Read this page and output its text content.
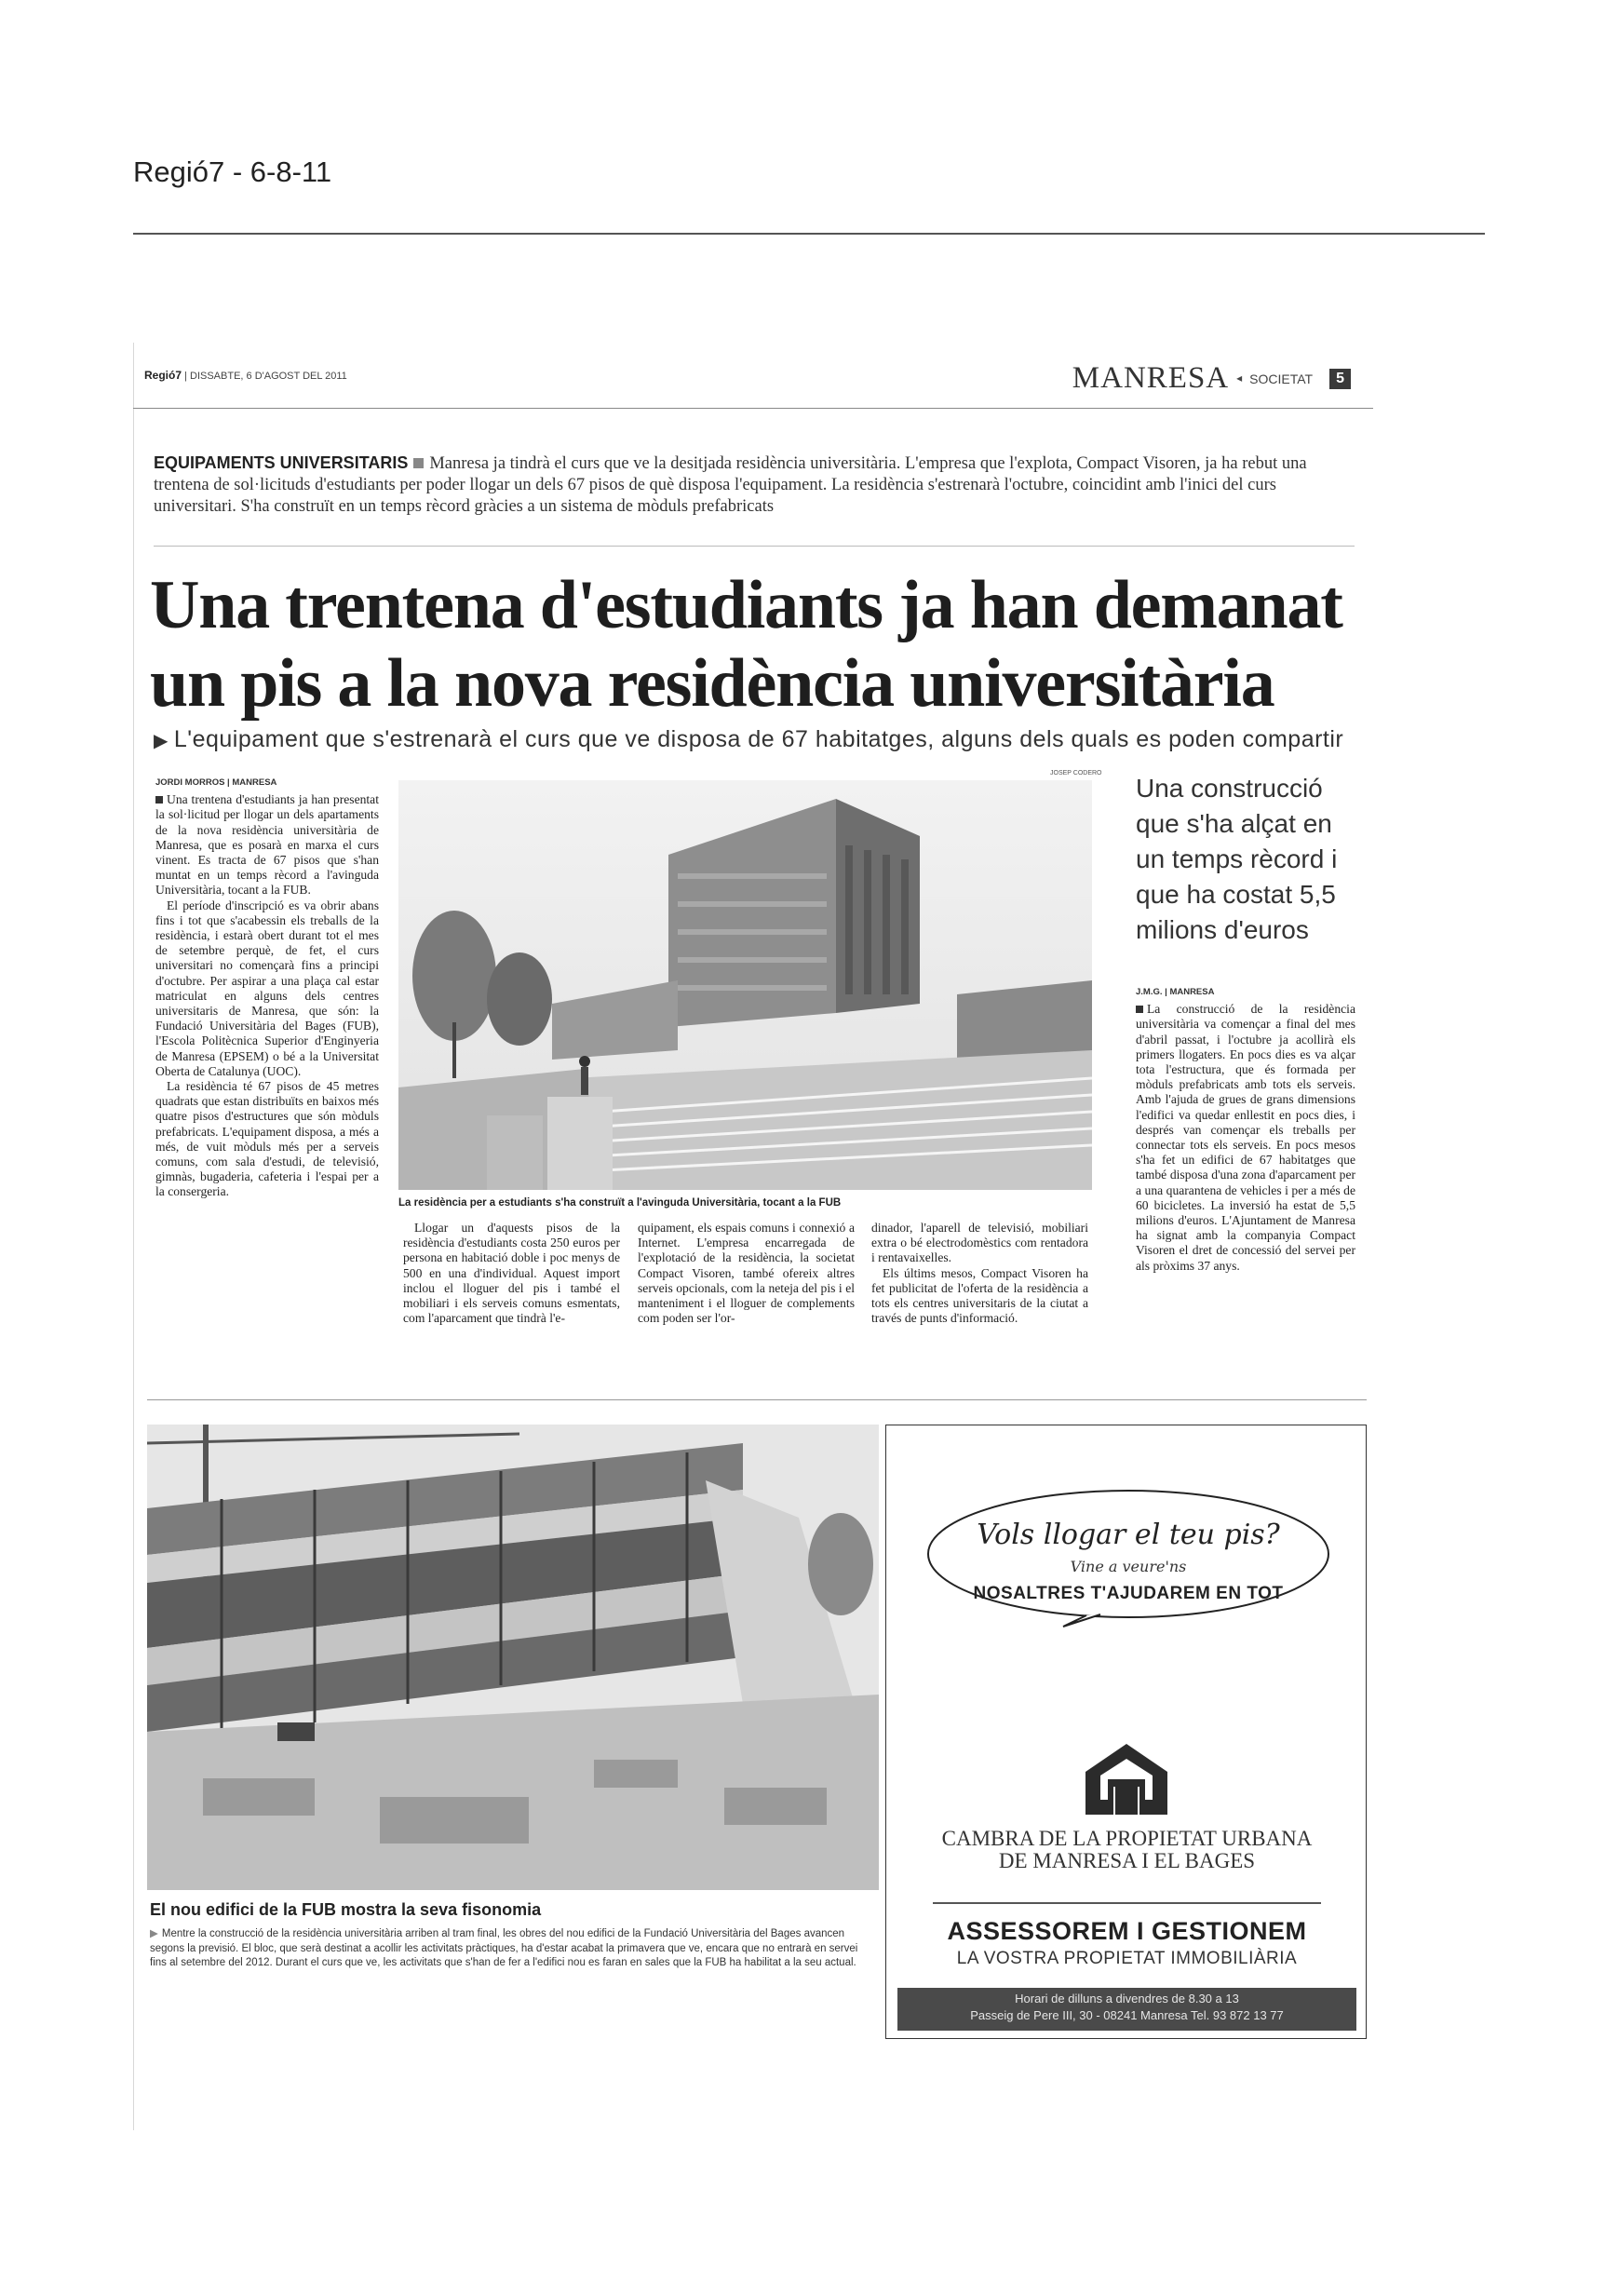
Regió7 - 6-8-11
Regió7 | DISSABTE, 6 D'AGOST DEL 2011	MANRESA ◂ SOCIETAT	5
EQUIPAMENTS UNIVERSITARIS Manresa ja tindrà el curs que ve la desitjada residència universitària. L'empresa que l'explota, Compact Visoren, ja ha rebut una trentena de sol·licituds d'estudiants per poder llogar un dels 67 pisos de què disposa l'equipament. La residència s'estrenarà l'octubre, coincidint amb l'inici del curs universitari. S'ha construït en un temps rècord gràcies a un sistema de mòduls prefabricats
Una trentena d'estudiants ja han demanat
un pis a la nova residència universitària
▶ L'equipament que s'estrenarà el curs que ve disposa de 67 habitatges, alguns dels quals es poden compartir
JORDI MORROS | MANRESA

Una trentena d'estudiants ja han presentat la sol·licitud per llogar un dels apartaments de la nova residència universitària de Manresa, que es posarà en marxa el curs vinent. Es tracta de 67 pisos que s'han muntat en un temps rècord a l'avinguda Universitària, tocant a la FUB.

El període d'inscripció es va obrir abans fins i tot que s'acabessin els treballs de la residència, i estarà obert durant tot el mes de setembre perquè, de fet, el curs universitari no començarà fins a principi d'octubre. Per aspirar a una plaça cal estar matriculat en alguns dels centres universitaris de Manresa, que són: la Fundació Universitària del Bages (FUB), l'Escola Politècnica Superior d'Enginyeria de Manresa (EPSEM) o bé a la Universitat Oberta de Catalunya (UOC).

La residència té 67 pisos de 45 metres quadrats que estan distribuïts en baixos més quatre pisos d'estructures que són mòduls prefabricats. L'equipament disposa, a més a més, de vuit mòduls més per a serveis comuns, com sala d'estudi, de televisió, gimnàs, bugaderia, cafeteria i l'espai per a la consergeria.

JOSEP CODERO
La residència per a estudiants s'ha construït a l'avinguda Universitària, tocant a la FUB

Llogar un d'aquests pisos de la residència d'estudiants costa 250 euros per persona en habitació doble i poc menys de 500 en una d'individual. Aquest import inclou el lloguer del pis i també el mobiliari i els serveis comuns esmentats, com l'aparcament que tindrà l'e-

quipament, els espais comuns i connexió a Internet. L'empresa encarregada de l'explotació de la residència, la societat Compact Visoren, també ofereix altres serveis opcionals, com la neteja del pis i el manteniment i el lloguer de complements com poden ser l'or-

dinador, l'aparell de televisió, mobiliari extra o bé electrodomèstics com rentadora i rentavaixelles.

Els últims mesos, Compact Visoren ha fet publicitat de l'oferta de la residència a tots els centres universitaris de la ciutat a través de punts d'informació.

Una construcció que s'ha alçat en un temps rècord i que ha costat 5,5 milions d'euros
J.M.G. | MANRESA

La construcció de la residència universitària va començar a final del mes d'abril passat, i l'octubre ja acollirà els primers llogaters. En pocs dies es va alçar tota l'estructura, que és formada per mòduls prefabricats amb tots els serveis. Amb l'ajuda de grues de grans dimensions l'edifici va quedar enllestit en pocs dies, i després van començar els treballs per connectar tots els serveis. En pocs mesos s'ha fet un edifici de 67 habitatges que també disposa d'una zona d'aparcament per a una quarantena de vehicles i per a més de 60 bicicletes. La inversió ha estat de 5,5 milions d'euros. L'Ajuntament de Manresa ha signat amb la companyia Compact Visoren el dret de concessió del servei per als pròxims 37 anys.

El nou edifici de la FUB mostra la seva fisonomia
▶ Mentre la construcció de la residència universitària arriben al tram final, les obres del nou edifici de la Fundació Universitària del Bages avancen segons la previsió. El bloc, que serà destinat a acollir les activitats pràctiques, ha d'estar acabat la primavera que ve, encara que no entrarà en servei fins al setembre del 2012. Durant el curs que ve, les activitats que s'han de fer a l'edifici nou es faran en sales que la FUB ha habilitat a la seu actual.
Vols llogar el teu pis?
Vine a veure'ns
NOSALTRES T'AJUDAREM EN TOT
CAMBRA DE LA PROPIETAT URBANA
DE MANRESA I EL BAGES
ASSESSOREM I GESTIONEM
LA VOSTRA PROPIETAT IMMOBILIÀRIA
Horari de dilluns a divendres de 8.30 a 13
Passeig de Pere III, 30 - 08241 Manresa Tel. 93 872 13 77
